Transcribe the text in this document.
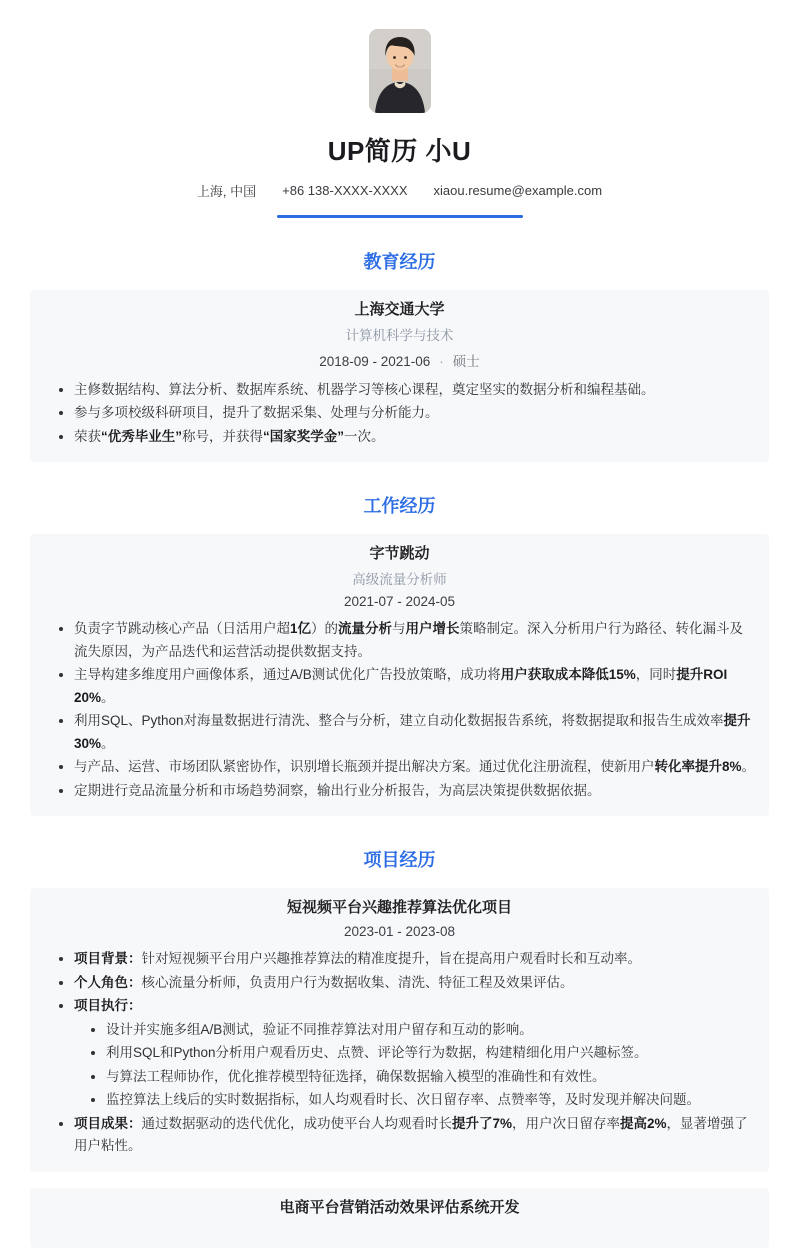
UP简历 小U
上海, 中国 +86 138-XXXX-XXXX xiaou.resume@example.com
教育经历
上海交通大学
计算机科学与技术
2018-09 - 2021-06 · 硕士
• 主修数据结构、算法分析、数据库系统、机器学习等核心课程，奠定坚实的数据分析和编程基础。
• 参与多项校级科研项目，提升了数据采集、处理与分析能力。
• 荣获“优秀毕业生”称号，并获得“国家奖学金”一次。
工作经历
字节跳动
高级流量分析师
2021-07 - 2024-05
• 负责字节跳动核心产品（日活用户超1亿）的流量分析与用户增长策略制定。深入分析用户行为路径、转化漏斗及流失原因，为产品迭代和运营活动提供数据支持。
• 主导构建多维度用户画像体系，通过A/B测试优化广告投放策略，成功将用户获取成本降低15%，同时提升ROI 20%。
• 利用SQL、Python对海量数据进行清洗、整合与分析，建立自动化数据报告系统，将数据提取和报告生成效率提升30%。
• 与产品、运营、市场团队紧密协作，识别增长瓶颈并提出解决方案。通过优化注册流程，使新用户转化率提升8%。
• 定期进行竞品流量分析和市场趋势洞察，输出行业分析报告，为高层决策提供数据依据。
项目经历
短视频平台兴趣推荐算法优化项目
2023-01 - 2023-08
• 项目背景：针对短视频平台用户兴趣推荐算法的精准度提升，旨在提高用户观看时长和互动率。
• 个人角色：核心流量分析师，负责用户行为数据收集、清洗、特征工程及效果评估。
• 项目执行：
• 设计并实施多组A/B测试，验证不同推荐算法对用户留存和互动的影响。
• 利用SQL和Python分析用户观看历史、点赞、评论等行为数据，构建精细化用户兴趣标签。
• 与算法工程师协作，优化推荐模型特征选择，确保数据输入模型的准确性和有效性。
• 监控算法上线后的实时数据指标，如人均观看时长、次日留存率、点赞率等，及时发现并解决问题。
• 项目成果：通过数据驱动的迭代优化，成功使平台人均观看时长提升了7%，用户次日留存率提高2%，显著增强了用户粘性。
电商平台营销活动效果评估系统开发
